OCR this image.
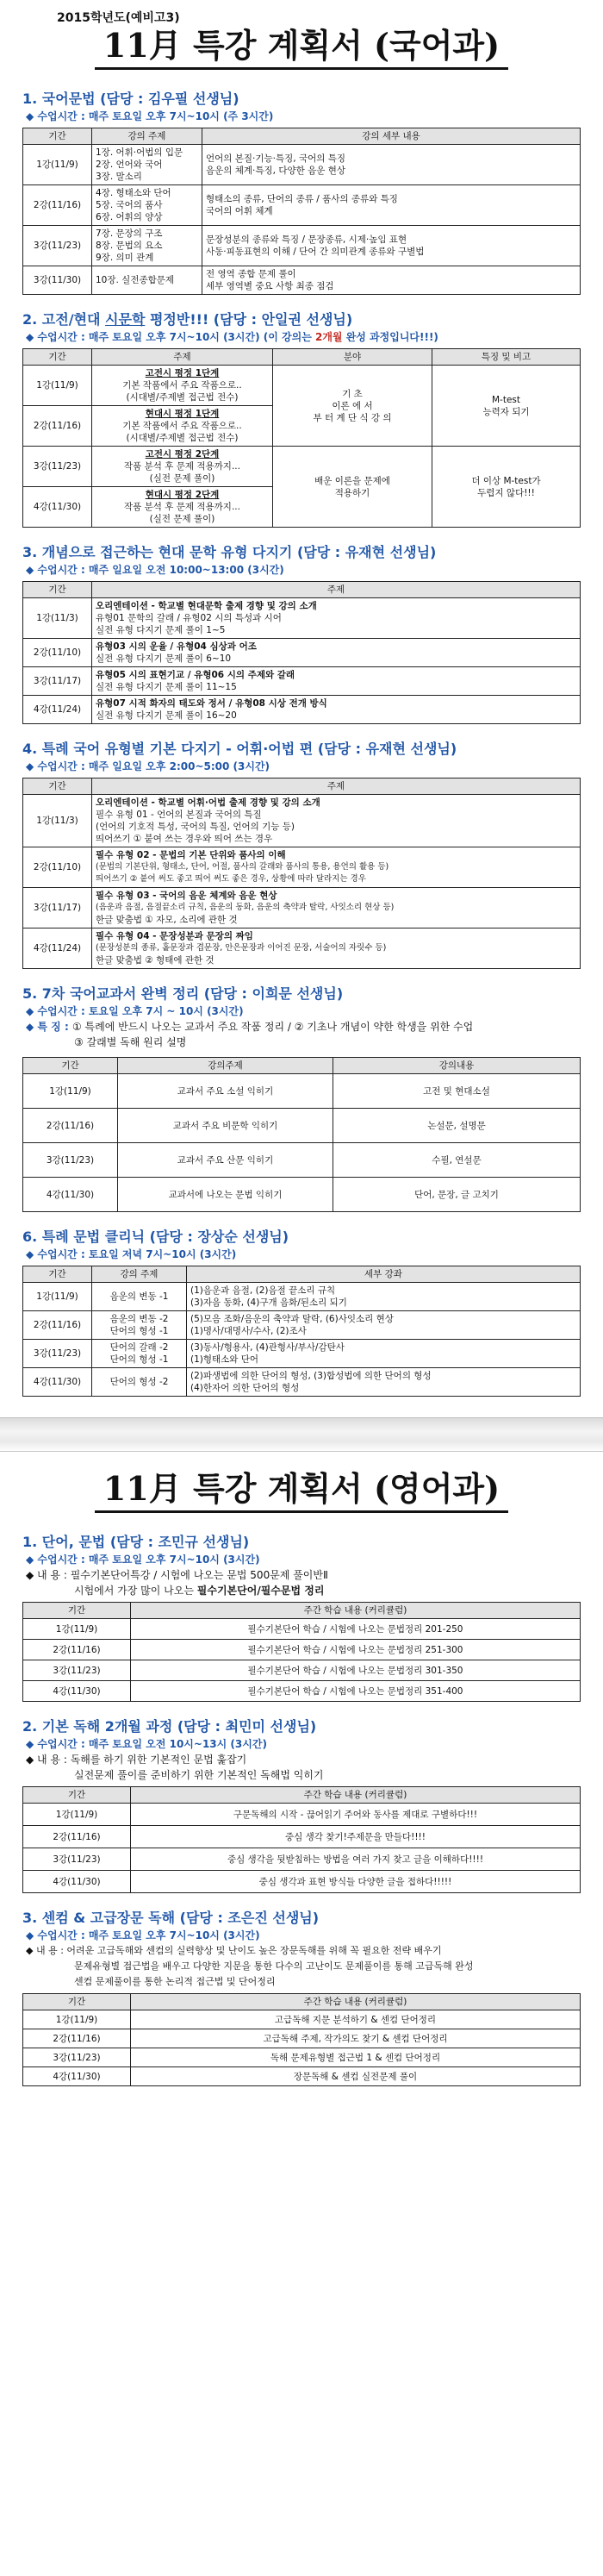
2015학년도(예비고3)
11月 특강 계획서 (국어과)
1. 국어문법 (담당 : 김우필 선생님)
◆ 수업시간 : 매주 토요일 오후 7시~10시 (주 3시간)
기간	강의 주제	강의 세부 내용
1강(11/9)	1장. 어휘·어법의 입문
2장. 언어와 국어
3장. 말소리	언어의 본질·기능·특징, 국어의 특징
음운의 체계·특징, 다양한 음운 현상

2강(11/16)	4장. 형태소와 단어
5장. 국어의 품사
6장. 어휘의 양상	형태소의 종류, 단어의 종류 / 품사의 종류와 특징
국어의 어휘 체계

3강(11/23)	7장. 문장의 구조
8장. 문법의 요소
9장. 의미 관계	문장성분의 종류와 특징 / 문장종류, 시제·높임 표현
사동·피동표현의 이해 / 단어 간 의미관계 종류와 구별법

3강(11/30)	10장. 실전종합문제	전 영역 종합 문제 풀이
세부 영역별 중요 사항 최종 점검
2. 고전/현대 시문학 평정반!!! (담당 : 안일권 선생님)
◆ 수업시간 : 매주 토요일 오후 7시~10시 (3시간) (이 강의는 2개월 완성 과정입니다!!!)
기간	주제	분야	특징 및 비고
1강(11/9)	고전시 평정 1단계
기본 작품에서 주요 작품으로..
(시대별/주제별 접근법 전수)	기 초
이론 에 서
부 터 계 단 식 강 의	M-test
능력자 되기

2강(11/16)	현대시 평정 1단계
기본 작품에서 주요 작품으로..
(시대별/주제별 접근법 전수)		

3강(11/23)	고전시 평정 2단계
작품 분석 후 문제 적용까지...
(실전 문제 풀이)	배운 이론을 문제에
적용하기	더 이상 M-test가
두렵지 않다!!!

4강(11/30)	현대시 평정 2단계
작품 분석 후 문제 적용까지...
(실전 문제 풀이)		
3. 개념으로 접근하는 현대 문학 유형 다지기 (담당 : 유재현 선생님)
◆ 수업시간 : 매주 일요일 오전 10:00~13:00 (3시간)
기간	주제
1강(11/3)	오리엔테이션 - 학교별 현대문학 출제 경향 및 강의 소개
유형01 문학의 갈래 / 유형02 시의 특성과 시어
실전 유형 다지기 문제 풀이 1~5

2강(11/10)	유형03 시의 운율 / 유형04 심상과 어조
실전 유형 다지기 문제 풀이 6~10

3강(11/17)	유형05 시의 표현기교 / 유형06 시의 주제와 갈래
실전 유형 다지기 문제 풀이 11~15

4강(11/24)	유형07 시적 화자의 태도와 정서 / 유형08 시상 전개 방식
실전 유형 다지기 문제 풀이 16~20
4. 특례 국어 유형별 기본 다지기 - 어휘·어법 편 (담당 : 유재현 선생님)
◆ 수업시간 : 매주 일요일 오후 2:00~5:00 (3시간)
기간	주제
1강(11/3)	오리엔테이션 - 학교별 어휘·어법 출제 경향 및 강의 소개
필수 유형 01 - 언어의 본질과 국어의 특질
(언어의 기호적 특성, 국어의 특질, 언어의 기능 등)
띄어쓰기 ① 붙여 쓰는 경우와 띄어 쓰는 경우

2강(11/10)	필수 유형 02 - 문법의 기본 단위와 품사의 이해
(문법의 기본단위, 형태소, 단어, 어절, 품사의 갈래와 품사의 통용, 용언의 활용 등)
띄어쓰기 ② 붙여 써도 좋고 띄어 써도 좋은 경우, 상황에 따라 달라지는 경우

3강(11/17)	필수 유형 03 - 국어의 음운 체계와 음운 현상
(음운과 음절, 음절끝소리 규칙, 음운의 동화, 음운의 축약과 탈락, 사잇소리 현상 등)
한글 맞춤법 ① 자모, 소리에 관한 것

4강(11/24)	필수 유형 04 - 문장성분과 문장의 짜임
(문장성분의 종류, 홑문장과 겹문장, 안은문장과 이어진 문장, 서술어의 자릿수 등)
한글 맞춤법 ② 형태에 관한 것
5. 7차 국어교과서 완벽 정리 (담당 : 이희문 선생님)
◆ 수업시간 : 토요일 오후 7시 ~ 10시 (3시간)
◆ 특 징 : ① 특례에 반드시 나오는 교과서 주요 작품 정리 / ② 기초나 개념이 약한 학생을 위한 수업
③ 갈래별 독해 원리 설명
기간	강의주제	강의내용
1강(11/9)	교과서 주요 소설 익히기	고전 및 현대소설
2강(11/16)	교과서 주요 비문학 익히기	논설문, 설명문
3강(11/23)	교과서 주요 산문 익히기	수필, 연설문
4강(11/30)	교과서에 나오는 문법 익히기	단어, 문장, 글 고치기
6. 특례 문법 클리닉 (담당 : 장상순 선생님)
◆ 수업시간 : 토요일 저녁 7시~10시 (3시간)
기간	강의 주제	세부 강좌
1강(11/9)	음운의 변동 -1	(1)음운과 음절, (2)음절 끝소리 규칙
(3)자음 동화, (4)구개 음화/된소리 되기

2강(11/16)	음운의 변동 -2
단어의 형성 -1	(5)모음 조화/음운의 축약과 탈락, (6)사잇소리 현상
(1)명사/대명사/수사, (2)조사

3강(11/23)	단어의 갈래 -2
단어의 형성 -1	(3)동사/형용사, (4)관형사/부사/감탄사
(1)형태소와 단어

4강(11/30)	단어의 형성 -2	(2)파생법에 의한 단어의 형성, (3)합성법에 의한 단어의 형성
(4)한자어 의한 단어의 형성
11月 특강 계획서 (영어과)
1. 단어, 문법 (담당 : 조민규 선생님)
◆ 수업시간 : 매주 토요일 오후 7시~10시 (3시간)
◆ 내 용 : 필수기본단어특강 / 시험에 나오는 문법 500문제 풀이반Ⅱ
시험에서 가장 많이 나오는 필수기본단어/필수문법 정리
기간	주간 학습 내용 (커리큘럼)
1강(11/9)	필수기본단어 학습 / 시험에 나오는 문법정리 201-250
2강(11/16)	필수기본단어 학습 / 시험에 나오는 문법정리 251-300
3강(11/23)	필수기본단어 학습 / 시험에 나오는 문법정리 301-350
4강(11/30)	필수기본단어 학습 / 시험에 나오는 문법정리 351-400
2. 기본 독해 2개월 과정 (담당 : 최민미 선생님)
◆ 수업시간 : 매주 토요일 오전 10시~13시 (3시간)
◆ 내 용 : 독해를 하기 위한 기본적인 문법 훑잡기
실전문제 풀이를 준비하기 위한 기본적인 독해법 익히기
기간	주간 학습 내용 (커리큘럼)
1강(11/9)	구문독해의 시작 - 끊어읽기 주어와 동사를 제대로 구별하다!!!
2강(11/16)	중심 생각 찾기!주제문을 만들다!!!!
3강(11/23)	중심 생각을 뒷받침하는 방법을 여러 가지 찾고 글을 이해하다!!!!
4강(11/30)	중심 생각과 표현 방식들 다양한 글을 접하다!!!!!
3. 센컴 & 고급장문 독해 (담당 : 조은진 선생님)
◆ 수업시간 : 매주 토요일 오후 7시~10시 (3시간)
◆ 내 용 : 어려운 고급독해와 센컴의 실력향상 및 난이도 높은 장문독해를 위해 꼭 필요한 전략 배우기
문제유형별 접근법을 배우고 다양한 지문을 통한 다수의 고난이도 문제풀이를 통해 고급독해 완성
센컴 문제풀이를 통한 논리적 접근법 및 단어정리
기간	주간 학습 내용 (커리큘럼)
1강(11/9)	고급독해 지문 분석하기 & 센컴 단어정리
2강(11/16)	고급독해 주제, 작가의도 찾기 & 센컴 단어정리
3강(11/23)	독해 문제유형별 접근법 1 & 센컴 단어정리
4강(11/30)	장문독해 & 센컴 실전문제 풀이
